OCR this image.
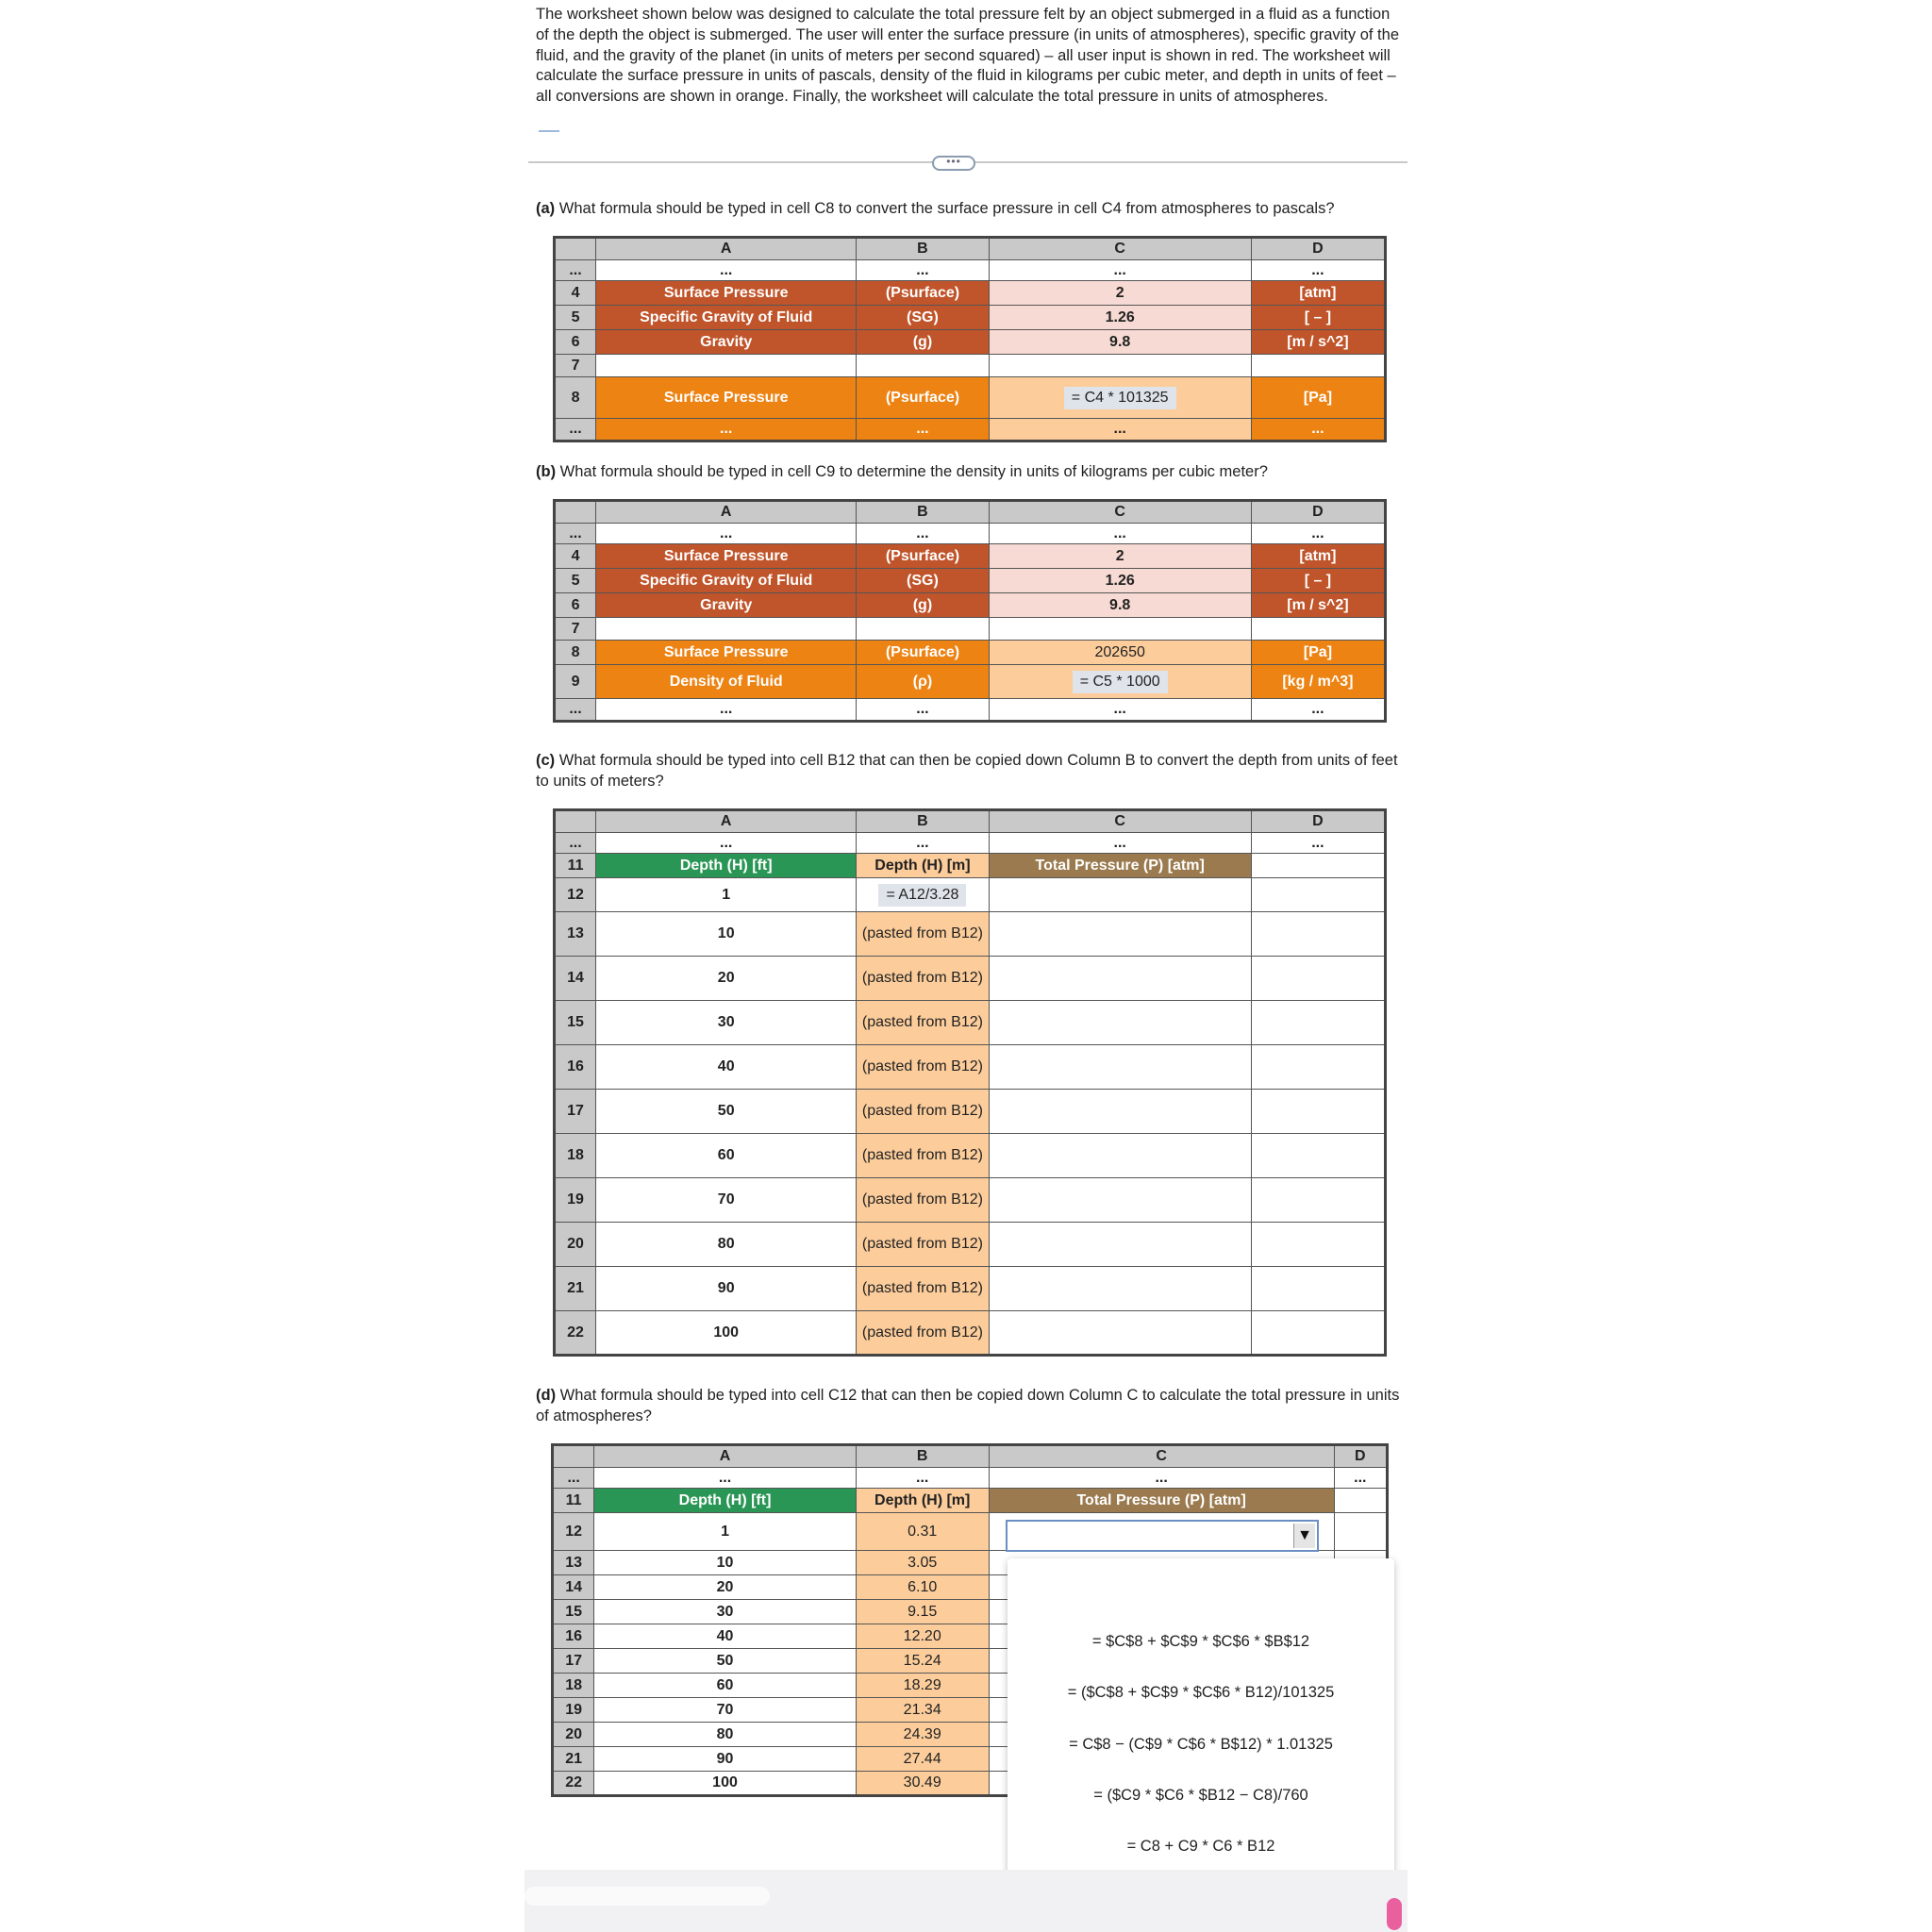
The worksheet shown below was designed to calculate the total pressure felt by an object submerged in a fluid as a function of the depth the object is submerged. The user will enter the surface pressure (in units of atmospheres), specific gravity of the fluid, and the gravity of the planet (in units of meters per second squared) – all user input is shown in red. The worksheet will calculate the surface pressure in units of pascals, density of the fluid in kilograms per cubic meter, and depth in units of feet – all conversions are shown in orange. Finally, the worksheet will calculate the total pressure in units of atmospheres.
•••
(a) What formula should be typed in cell C8 to convert the surface pressure in cell C4 from atmospheres to pascals?
	A	B	C	D
...	...	...	...	...
4	Surface Pressure	(Psurface)	2	[atm]
5	Specific Gravity of Fluid	(SG)	1.26	[ – ]
6	Gravity	(g)	9.8	[m / s^2]
7				
8	Surface Pressure	(Psurface)	= C4 * 101325	[Pa]
...	...	...	...	...
(b) What formula should be typed in cell C9 to determine the density in units of kilograms per cubic meter?
	A	B	C	D
...	...	...	...	...
4	Surface Pressure	(Psurface)	2	[atm]
5	Specific Gravity of Fluid	(SG)	1.26	[ – ]
6	Gravity	(g)	9.8	[m / s^2]
7				
8	Surface Pressure	(Psurface)	202650	[Pa]
9	Density of Fluid	(ρ)	= C5 * 1000	[kg / m^3]
...	...	...	...	...
(c) What formula should be typed into cell B12 that can then be copied down Column B to convert the depth from units of feet to units of meters?
	A	B	C	D
...	...	...	...	...
11	Depth (H) [ft]	Depth (H) [m]	Total Pressure (P) [atm]	
12	1	= A12/3.28		
13	10	(pasted from B12)		
14	20	(pasted from B12)		
15	30	(pasted from B12)		
16	40	(pasted from B12)		
17	50	(pasted from B12)		
18	60	(pasted from B12)		
19	70	(pasted from B12)		
20	80	(pasted from B12)		
21	90	(pasted from B12)		
22	100	(pasted from B12)		
(d) What formula should be typed into cell C12 that can then be copied down Column C to calculate the total pressure in units of atmospheres?
	A	B	C	D
...	...	...	...	...
11	Depth (H) [ft]	Depth (H) [m]	Total Pressure (P) [atm]	
12	1	0.31		
13	10	3.05		
14	20	6.10		
15	30	9.15		
16	40	12.20		
17	50	15.24		
18	60	18.29		
19	70	21.34		
20	80	24.39		
21	90	27.44		
22	100	30.49		
▼
= $C$8 + $C$9 * $C$6 * $B$12
= ($C$8 + $C$9 * $C$6 * B12)/101325
= C$8 − (C$9 * C$6 * B$12) * 1.01325
= ($C9 * $C6 * $B12 − C8)/760
= C8 + C9 * C6 * B12
